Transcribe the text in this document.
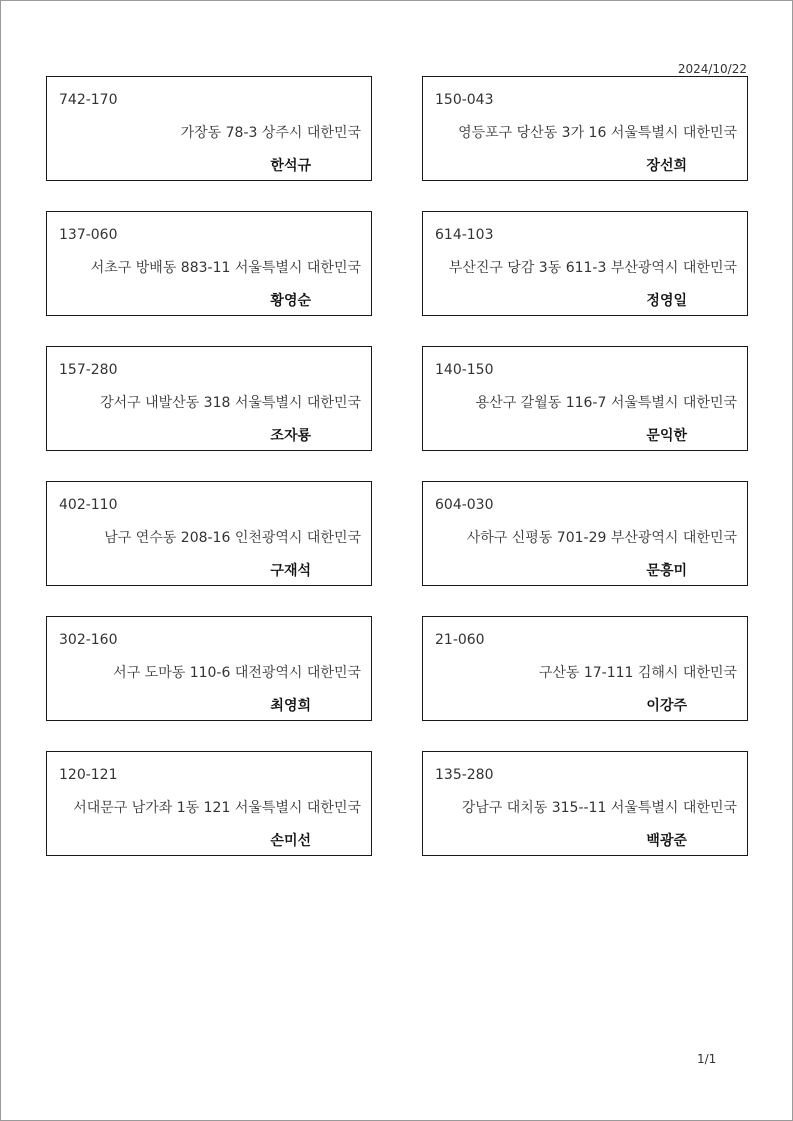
2024/10/22
742-170
가장동 78-3 상주시 대한민국
한석규
150-043
영등포구 당산동 3가 16 서울특별시 대한민국
장선희
137-060
서초구 방배동 883-11 서울특별시 대한민국
황영순
614-103
부산진구 당감 3동 611-3 부산광역시 대한민국
정영일
157-280
강서구 내발산동 318 서울특별시 대한민국
조자룡
140-150
용산구 갈월동 116-7 서울특별시 대한민국
문익한
402-110
남구 연수동 208-16 인천광역시 대한민국
구재석
604-030
사하구 신평동 701-29 부산광역시 대한민국
문흥미
302-160
서구 도마동 110-6 대전광역시 대한민국
최영희
21-060
구산동 17-111 김해시 대한민국
이강주
120-121
서대문구 남가좌 1동 121 서울특별시 대한민국
손미선
135-280
강남구 대치동 315--11 서울특별시 대한민국
백광준
1/1
